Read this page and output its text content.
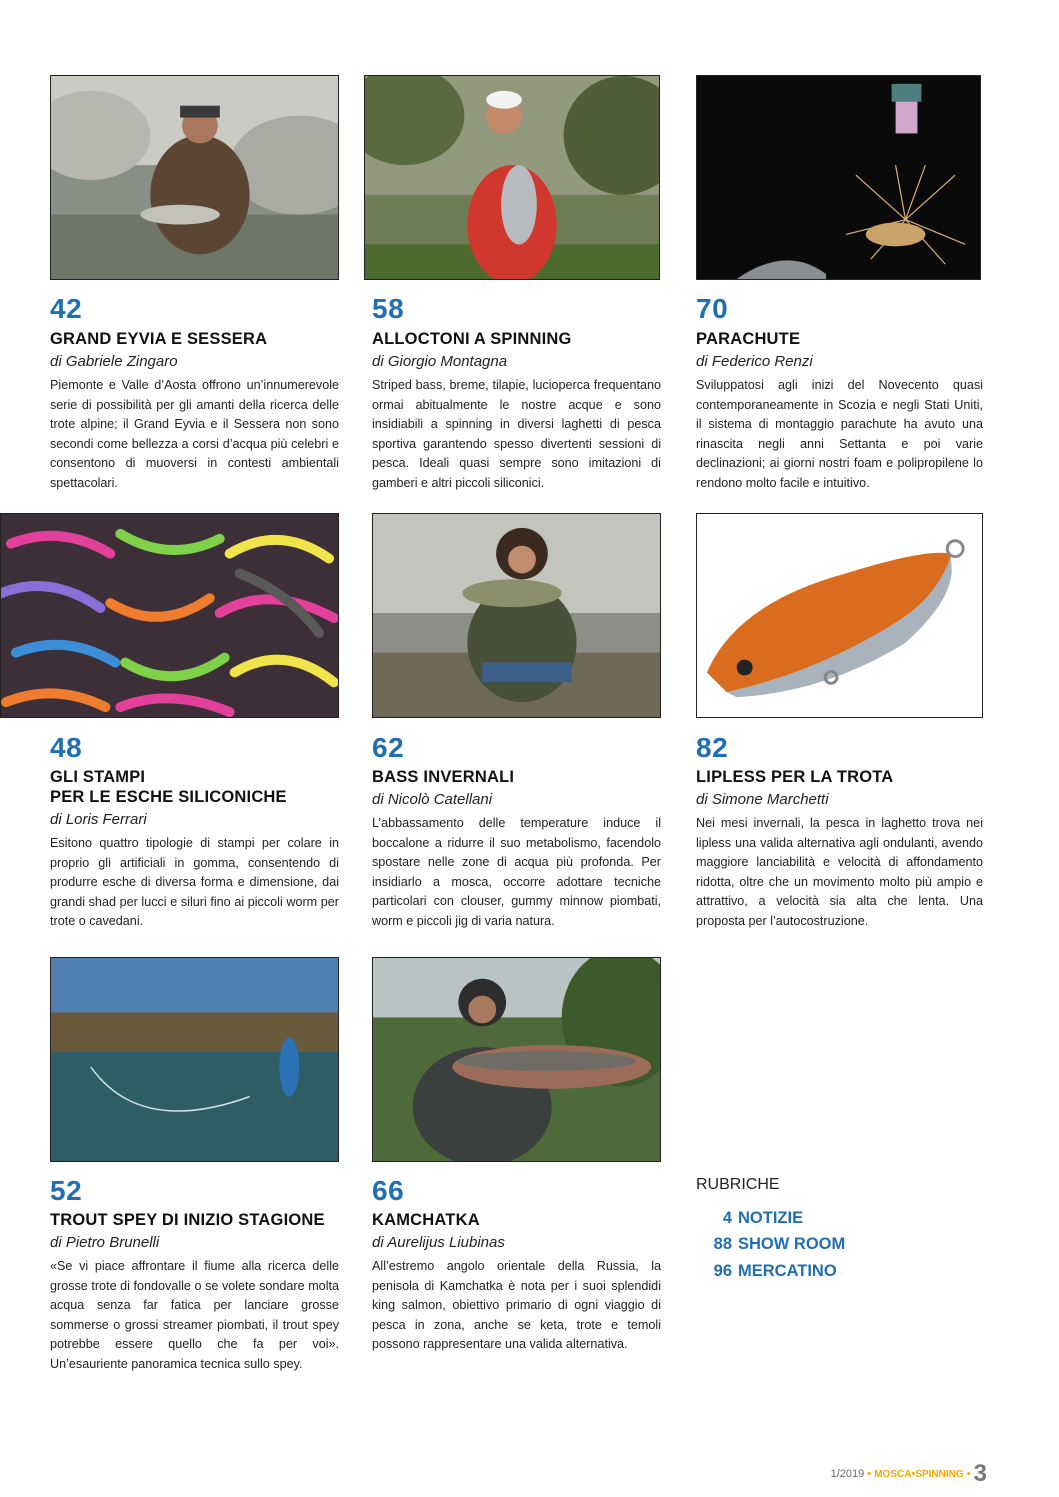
42
GRAND EYVIA E SESSERA
di Gabriele Zingaro
Piemonte e Valle d’Aosta offrono un’innumerevole serie di possibilità per gli amanti della ricerca delle trote alpine; il Grand Eyvia e il Sessera non sono secondi come bellezza a corsi d’acqua più celebri e consentono di muoversi in contesti ambientali spettacolari.
58
ALLOCTONI A SPINNING
di Giorgio Montagna
Striped bass, breme, tilapie, lucioperca frequentano ormai abitualmente le nostre acque e sono insidiabili a spinning in diversi laghetti di pesca sportiva garantendo spesso divertenti sessioni di pesca. Ideali quasi sempre sono imitazioni di gamberi e altri piccoli siliconici.
70
PARACHUTE
di Federico Renzi
Sviluppatosi agli inizi del Novecento quasi contemporaneamente in Scozia e negli Stati Uniti, il sistema di montaggio parachute ha avuto una rinascita negli anni Settanta e poi varie declinazioni; ai giorni nostri foam e polipropilene lo rendono molto facile e intuitivo.
48
GLI STAMPI
PER LE ESCHE SILICONICHE
di Loris Ferrari
Esitono quattro tipologie di stampi per colare in proprio gli artificiali in gomma, consentendo di produrre esche di diversa forma e dimensione, dai grandi shad per lucci e siluri fino ai piccoli worm per trote o cavedani.
62
BASS INVERNALI
di Nicolò Catellani
L’abbassamento delle temperature induce il boccalone a ridurre il suo metabolismo, facendolo spostare nelle zone di acqua più profonda. Per insidiarlo a mosca, occorre adottare tecniche particolari con clouser, gummy minnow piombati, worm e piccoli jig di varia natura.
82
LIPLESS PER LA TROTA
di Simone Marchetti
Nei mesi invernali, la pesca in laghetto trova nei lipless una valida alternativa agli ondulanti, avendo maggiore lanciabilità e velocità di affondamento ridotta, oltre che un movimento molto più ampio e attrattivo, a velocità sia alta che lenta. Una proposta per l’autocostruzione.
52
TROUT SPEY DI INIZIO STAGIONE
di Pietro Brunelli
«Se vi piace affrontare il fiume alla ricerca delle grosse trote di fondovalle o se volete sondare molta acqua senza far fatica per lanciare grosse sommerse o grossi streamer piombati, il trout spey potrebbe essere quello che fa per voi». Un’esauriente panoramica tecnica sullo spey.
66
KAMCHATKA
di Aurelijus Liubinas
All’estremo angolo orientale della Russia, la penisola di Kamchatka è nota per i suoi splendidi king salmon, obiettivo primario di ogni viaggio di pesca in zona, anche se keta, trote e temoli possono rappresentare una valida alternativa.
RUBRICHE
4 NOTIZIE
88 SHOW ROOM
96 MERCATINO
1/2019 • MOSCA•SPINNING • 3
